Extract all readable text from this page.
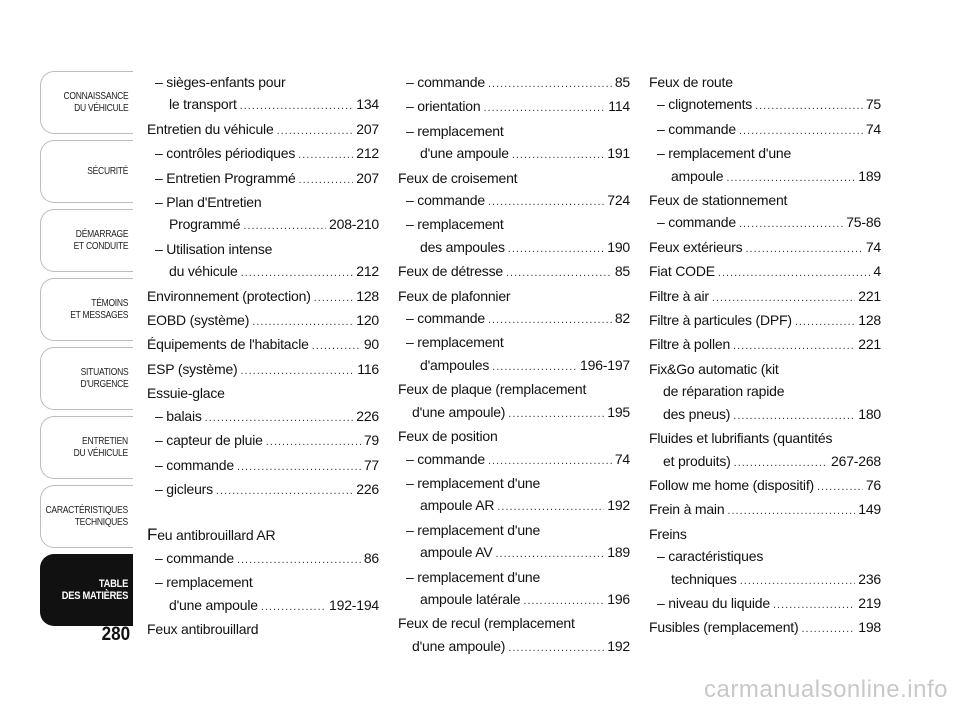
CONNAISSANCE
DU VÉHICULE
SÉCURITÉ
DÉMARRAGE
ET CONDUITE
TÉMOINS
ET MESSAGES
SITUATIONS
D'URGENCE
ENTRETIEN
DU VÉHICULE
CARACTÉRISTIQUES
TECHNIQUES
TABLE
DES MATIÈRES
280
– sièges-enfants pour
le transport .....	134
Entretien du véhicule .....	207
– contrôles périodiques .....	212
– Entretien Programmé .....	207
– Plan d'Entretien
Programmé .....	208-210
– Utilisation intense
du véhicule .....	212
Environnement (protection) .....	128
EOBD (système) .....	120
Équipements de l'habitacle .....	90
ESP (système) .....	116
Essuie-glace
– balais .....	226
– capteur de pluie .....	79
– commande .....	77
– gicleurs .....	226
Feu antibrouillard AR
– commande .....	86
– remplacement
d'une ampoule .....	192-194
Feux antibrouillard
– commande .....	85
– orientation .....	114
– remplacement
d'une ampoule .....	191
Feux de croisement
– commande .....	724
– remplacement
des ampoules .....	190
Feux de détresse .....	85
Feux de plafonnier
– commande .....	82
– remplacement
d'ampoules .....	196-197
Feux de plaque (remplacement
d'une ampoule) .....	195
Feux de position
– commande .....	74
– remplacement d'une
ampoule AR .....	192
– remplacement d'une
ampoule AV .....	189
– remplacement d'une
ampoule latérale .....	196
Feux de recul (remplacement
d'une ampoule) .....	192
Feux de route
– clignotements .....	75
– commande .....	74
– remplacement d'une
ampoule .....	189
Feux de stationnement
– commande .....	75-86
Feux extérieurs .....	74
Fiat CODE .....	4
Filtre à air .....	221
Filtre à particules (DPF) .....	128
Filtre à pollen .....	221
Fix&Go automatic (kit
de réparation rapide
des pneus) .....	180
Fluides et lubrifiants (quantités
et produits) .....	267-268
Follow me home (dispositif) .....	76
Frein à main .....	149
Freins
– caractéristiques
techniques .....	236
– niveau du liquide .....	219
Fusibles (remplacement) .....	198
carmanualsonline.info
